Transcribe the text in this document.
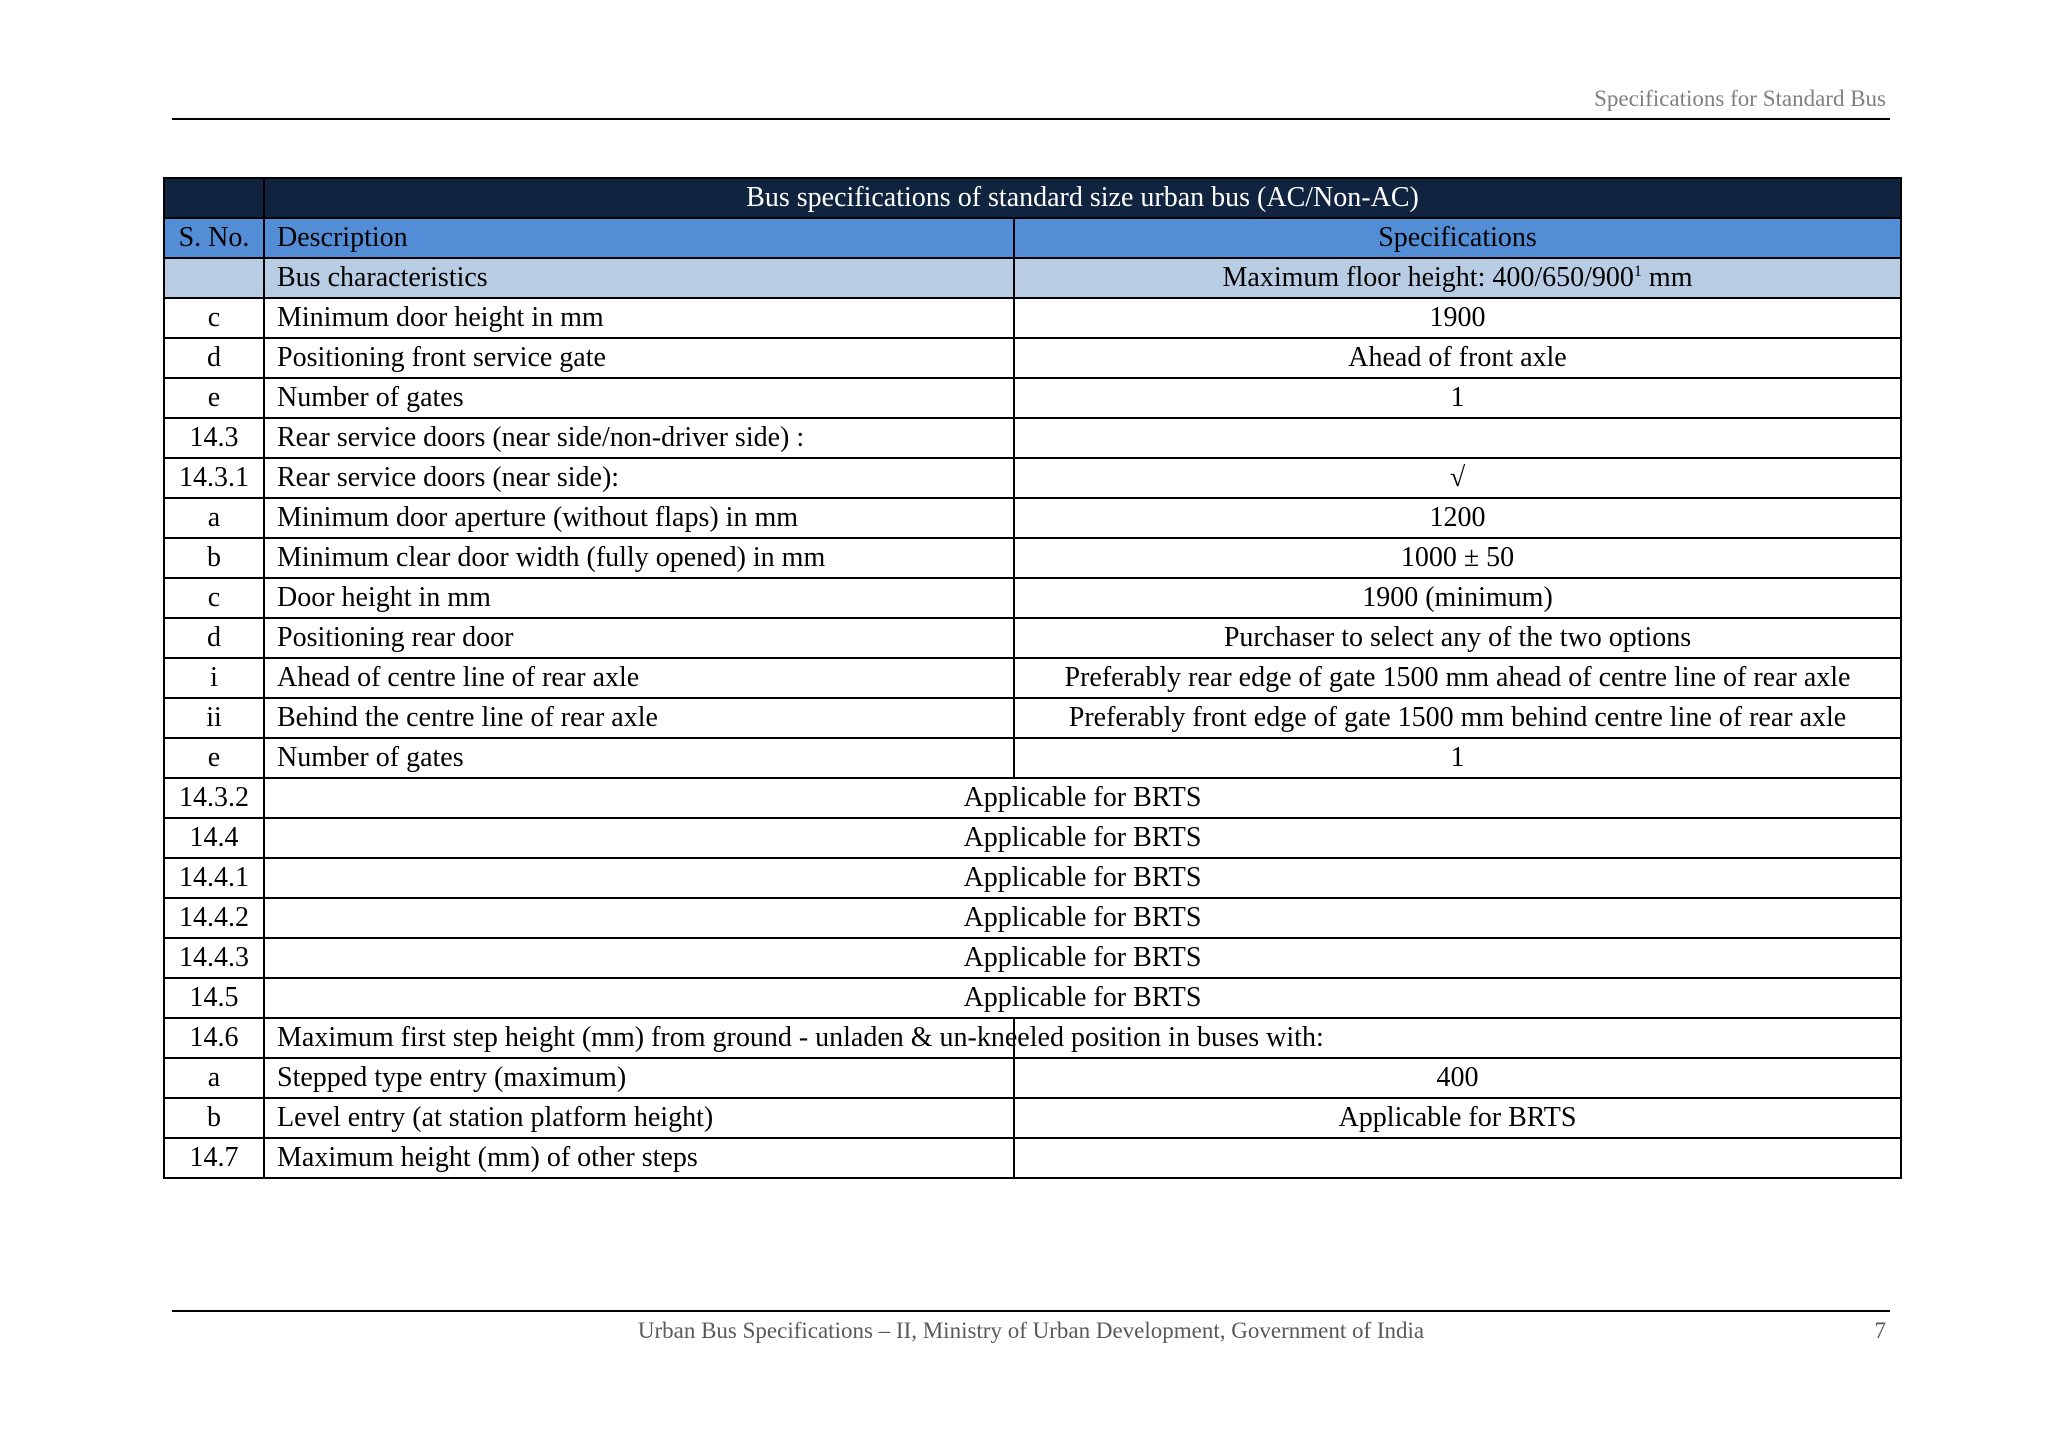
Specifications for Standard Bus
	Bus specifications of standard size urban bus (AC/Non-AC)	
S. No.	Description	Specifications
	Bus characteristics	Maximum floor height: $400/650/900^1$ mm
c	Minimum door height in mm	1900
d	Positioning front service gate	Ahead of front axle
e	Number of gates	1
14.3	Rear service doors (near side/non-driver side) :	
14.3.1	Rear service doors (near side):	√
a	Minimum door aperture (without flaps) in mm	1200
b	Minimum clear door width (fully opened) in mm	1000 ± 50
c	Door height in mm	1900 (minimum)
d	Positioning rear door	Purchaser to select any of the two options
i	Ahead of centre line of rear axle	Preferably rear edge of gate 1500 mm ahead of centre line of rear axle
ii	Behind the centre line of rear axle	Preferably front edge of gate 1500 mm behind centre line of rear axle
e	Number of gates	1
14.3.2	Applicable for BRTS	
14.4	Applicable for BRTS	
14.4.1	Applicable for BRTS	
14.4.2	Applicable for BRTS	
14.4.3	Applicable for BRTS	
14.5	Applicable for BRTS	
14.6	Maximum first step height (mm) from ground - unladen & un-kneeled position in buses with:	
a	Stepped type entry (maximum)	400
b	Level entry (at station platform height)	Applicable for BRTS
14.7	Maximum height (mm) of other steps	
Urban Bus Specifications – II, Ministry of Urban Development, Government of India	7
